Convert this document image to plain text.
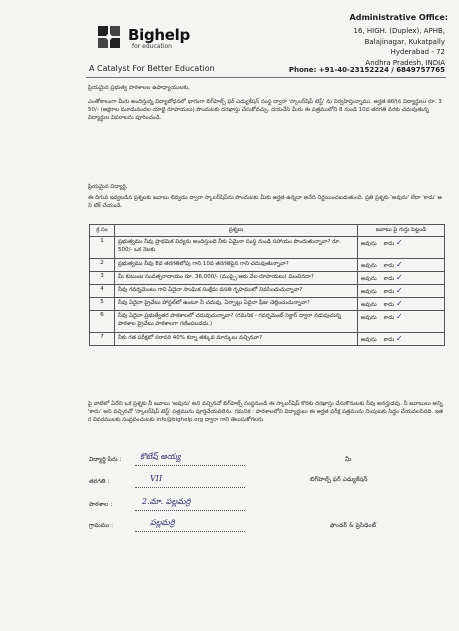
Bighelp
for education
A Catalyst For Better Education
Administrative Office:
16, HIGH. (Duplex), APHB,
Balajinagar, Kukatpally
Hyderabad - 72
Andhra Pradesh, INDIA
Phone: +91-40-23152224 / 6849757765
ప్రియమైన ప్రభుత్వ పాఠశాలల ఉపాధ్యాయులకు,
ఎంతోకాలంగా మీరు అందిస్తున్న విద్యాబోధనలో భాగంగా బిగ్‌హెల్ప్ ఫర్ ఎడ్యుకేషన్ సంస్థ ద్వారా 'స్కాలర్‌షిప్ టెస్ట్' ను నిర్వహిస్తున్నాము. అర్హత కలిగిన విద్యార్థులు రూ. 350/- (అక్షరాల మూడువందల యాభై రూపాయలు) పొందుటకు దరఖాస్తు చేసుకోవచ్చు. దయచేసి మీరు ఈ పత్రములోని 8 నుండి 10వ తరగతి వరకు చదువుతున్న విద్యార్థుల వివరాలను పూరించండి.
ప్రియమైన విద్యార్థి,
ఈ దిగువ ఇవ్వబడిన ప్రశ్నలకు జవాబు లివ్వడం ద్వారా స్కాలర్‌షిప్‌ను పొందుటకు మీకు అర్హత ఉన్నదా అనేది నిర్ణయించబడుతుంది. ప్రతి ప్రశ్నకు 'అవును' లేదా 'కాదు' అని టిక్ చేయండి.
క్ర.సం	ప్రశ్నలు	జవాబు పై గుర్తు పెట్టండి
1	ప్రభుత్వము నీవు ప్రాథమిక విద్యను అందిస్తుంది నీకు ఏమైనా సంస్థ నుండి సహాయం పొందుతున్నావా? రూ. 500/- ఒక నెలకు	అవును కాదు ✓
2	ప్రభుత్వము నీవు 8వ తరగతిలోపు గాని 10వ తరగతిపైన గాని చదువుతున్నావా?	అవును కాదు ✓
3	మీ కుటుంబ సంవత్సరాదాయం రూ. 36,000/- (ముప్పై ఆరు వేల రూపాయలు) మించినదా?	అవును కాదు ✓
4	నీవు గవర్నమెంటు గాని ఏదైనా సాంఘిక సంక్షేమ వసతి గృహములో నివసించుచున్నావా?	అవును కాదు ✓
5	నీవు ఏదైనా ప్రైవేటు హాస్టల్‌లో ఉంటూ నీ చదువు, ఏర్పాట్లు ఏదైనా ఫీజు చెల్లించుచున్నావా?	అవును కాదు ✓
6	నీవు ఏదైనా ప్రభుత్వేతర పాఠశాలలో చదువుచున్నావా? (గమనిక - గవర్నమెంట్ సెక్టార్ ద్వారా నడుపుచున్న పాఠశాల ప్రైవేటు పాఠశాలగా గణింపబడదు.)	అవును కాదు ✓
7	నీకు గత పరీక్షలో సరాసరి 40% కన్నా తక్కువ మార్కులు వచ్చినవా?	అవును కాదు ✓
పై వాటిలో ఏదేని ఒక ప్రశ్నకు నీ జవాబు 'అవును' అని వచ్చినచో బిగ్‌హెల్ప్ సంస్థనుండి ఈ స్కాలర్‌షిప్ కొరకు దరఖాస్తు చేసుకొనుటకు నీవు అనర్హుడవు. నీ జవాబులు అన్ని 'కాదు' అని వచ్చినచో 'స్కాలర్‌షిప్ టెస్ట్' పత్రమును పూర్తిచేయవలెను. గమనిక : పాఠశాలలోని విద్యార్థులు ఈ అర్హత పరీక్ష పత్రమును నింపుటకు సిద్ధం చేయవలసినది. ఇతర వివరములకు సంప్రదించుటకు info@bighelp.org ద్వారా గాని తెలుసుకోగలరు.
విద్యార్థి పేరు : కొటేష్ అయ్య
తరగతి :	VII
పాఠశాల :	2.మా. పల్లమర్రి
గ్రామము :	పల్లమర్రి
మీ
బిగ్‌హెల్ప్ ఫర్ ఎడ్యుకేషన్
ఫౌండర్ & ప్రెసిడెంట్
